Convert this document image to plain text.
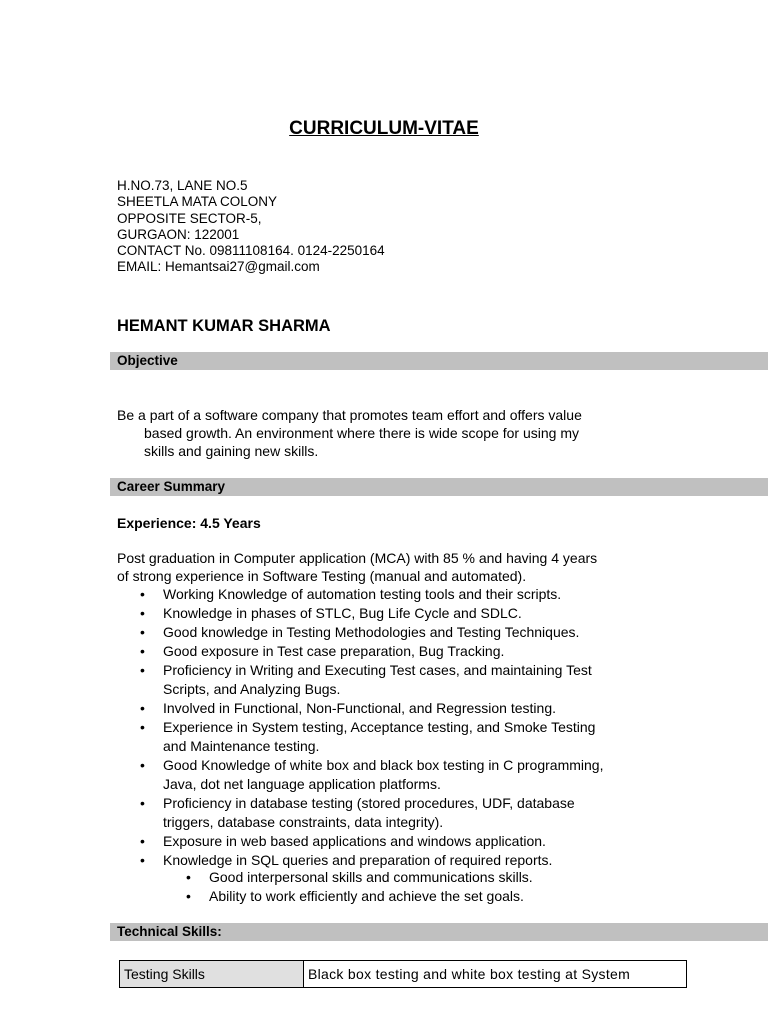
CURRICULUM-VITAE
H.NO.73, LANE NO.5
SHEETLA MATA COLONY
OPPOSITE SECTOR-5,
GURGAON: 122001
CONTACT No. 09811108164. 0124-2250164
EMAIL: Hemantsai27@gmail.com
HEMANT KUMAR SHARMA
Objective
Be a part of a software company that promotes team effort and offers value
based growth. An environment where there is wide scope for using my
skills and gaining new skills.
Career Summary
Experience: 4.5 Years
Post graduation in Computer application (MCA) with 85 % and having 4 years
of strong experience in Software Testing (manual and automated).
• Working Knowledge of automation testing tools and their scripts.
• Knowledge in phases of STLC, Bug Life Cycle and SDLC.
• Good knowledge in Testing Methodologies and Testing Techniques.
• Good exposure in Test case preparation, Bug Tracking.
• Proficiency in Writing and Executing Test cases, and maintaining Test
Scripts, and Analyzing Bugs.
• Involved in Functional, Non-Functional, and Regression testing.
• Experience in System testing, Acceptance testing, and Smoke Testing
and Maintenance testing.
• Good Knowledge of white box and black box testing in C programming,
Java, dot net language application platforms.
• Proficiency in database testing (stored procedures, UDF, database
triggers, database constraints, data integrity).
• Exposure in web based applications and windows application.
• Knowledge in SQL queries and preparation of required reports.
• Good interpersonal skills and communications skills.
• Ability to work efficiently and achieve the set goals.
Technical Skills:
Testing Skills	Black box testing and white box testing at System
